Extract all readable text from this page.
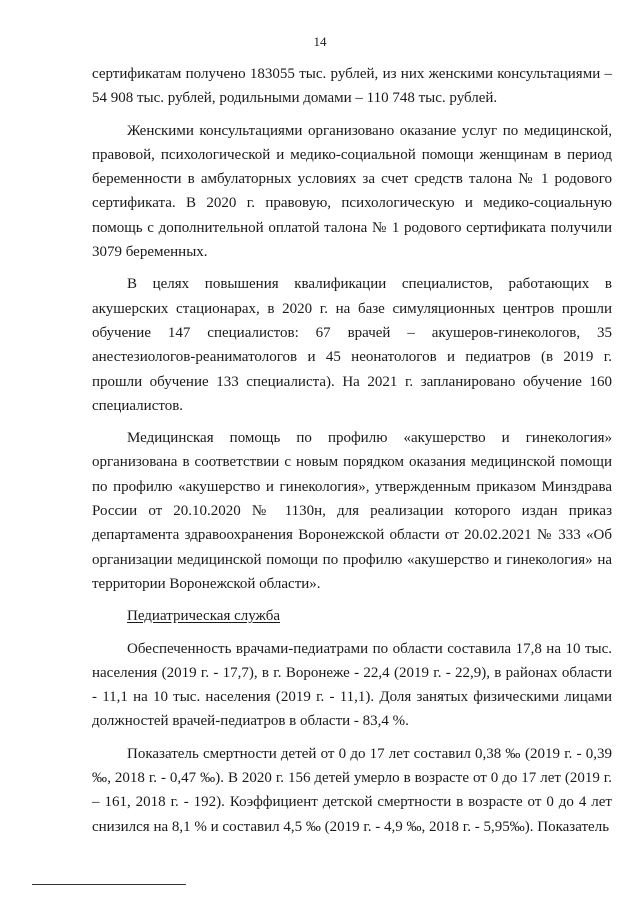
14

сертификатам получено 183055 тыс. рублей, из них женскими консультациями – 54 908 тыс. рублей, родильными домами – 110 748 тыс. рублей.

Женскими консультациями организовано оказание услуг по медицинской, правовой, психологической и медико-социальной помощи женщинам в период беременности в амбулаторных условиях за счет средств талона № 1 родового сертификата. В 2020 г. правовую, психологическую и медико-социальную помощь с дополнительной оплатой талона № 1 родового сертификата получили 3079 беременных.

В целях повышения квалификации специалистов, работающих в акушерских стационарах, в 2020 г. на базе симуляционных центров прошли обучение 147 специалистов: 67 врачей – акушеров-гинекологов, 35 анестезиологов-реаниматологов и 45 неонатологов и педиатров (в 2019 г. прошли обучение 133 специалиста). На 2021 г. запланировано обучение 160 специалистов.

Медицинская помощь по профилю «акушерство и гинекология» организована в соответствии с новым порядком оказания медицинской помощи по профилю «акушерство и гинекология», утвержденным приказом Минздрава России от 20.10.2020 № 1130н, для реализации которого издан приказ департамента здравоохранения Воронежской области от 20.02.2021 № 333 «Об организации медицинской помощи по профилю «акушерство и гинекология» на территории Воронежской области».

Педиатрическая служба

Обеспеченность врачами-педиатрами по области составила 17,8 на 10 тыс. населения (2019 г. - 17,7), в г. Воронеже - 22,4 (2019 г. - 22,9), в районах области - 11,1 на 10 тыс. населения (2019 г. - 11,1). Доля занятых физическими лицами должностей врачей-педиатров в области - 83,4 %.

Показатель смертности детей от 0 до 17 лет составил 0,38 ‰ (2019 г. - 0,39 ‰, 2018 г. - 0,47 ‰). В 2020 г. 156 детей умерло в возрасте от 0 до 17 лет (2019 г. – 161, 2018 г. - 192). Коэффициент детской смертности в возрасте от 0 до 4 лет снизился на 8,1 % и составил 4,5 ‰ (2019 г. - 4,9 ‰, 2018 г. - 5,95‰). Показатель
